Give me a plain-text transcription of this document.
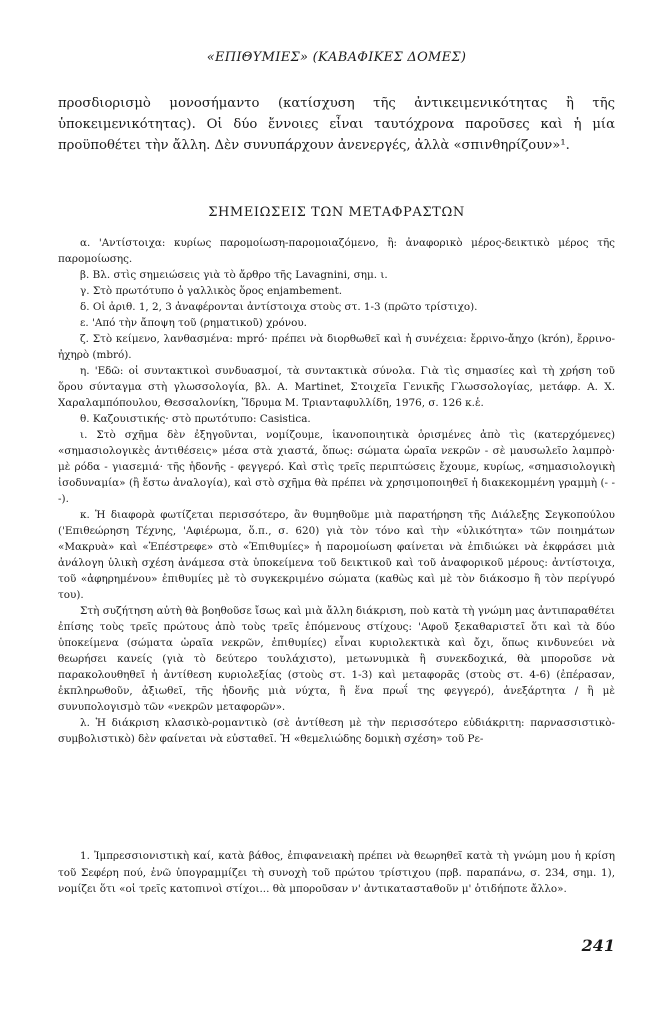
«ΕΠΙΘΥΜΙΕΣ» (ΚΑΒΑΦΙΚΕΣ ΔΟΜΕΣ)

προσδιορισμὸ μονοσήμαντο (κατίσχυση τῆς ἀντικειμενικότητας ἢ τῆς ὑποκειμενικότητας). Οἱ δύο ἔννοιες εἶναι ταυτόχρονα παροῦσες καὶ ἡ μία προϋποθέτει τὴν ἄλλη. Δὲν συνυπάρχουν ἀνενεργές, ἀλλὰ «σπινθηρίζουν»¹.

ΣΗΜΕΙΩΣΕΙΣ ΤΩΝ ΜΕΤΑΦΡΑΣΤΩΝ

α. 'Αντίστοιχα: κυρίως παρομοίωση-παρομοιαζόμενο, ἢ: ἀναφορικὸ μέρος-δεικτικὸ μέρος τῆς παρομοίωσης.

β. Βλ. στὶς σημειώσεις γιὰ τὸ ἄρθρο τῆς Lavagnini, σημ. ι.

γ. Στὸ πρωτότυπο ὁ γαλλικὸς ὅρος enjambement.

δ. Οἱ ἀριθ. 1, 2, 3 ἀναφέρονται ἀντίστοιχα στοὺς στ. 1-3 (πρῶτο τρίστιχο).

ε. 'Από τὴν ἄποψη τοῦ (ρηματικοῦ) χρόνου.

ζ. Στὸ κείμενο, λανθασμένα: mpró· πρέπει νὰ διορθωθεῖ καὶ ἡ συνέχεια: ἔρριvo-ἄηχο (krón), ἔρρινο-ἠχηρὸ (mbró).

η. 'Εδῶ: οἱ συντακτικοὶ συνδυασμοί, τὰ συντακτικὰ σύνολα. Γιὰ τὶς σημασίες καὶ τὴ χρήση τοῦ ὅρου σύνταγμα στὴ γλωσσολογία, βλ. Α. Martinet, Στοιχεῖα Γενικῆς Γλωσσολογίας, μετάφρ. Α. Χ. Χαραλαμπόπουλου, Θεσσαλονίκη, Ἵδρυμα Μ. Τριανταφυλλίδη, 1976, σ. 126 κ.ἑ.

θ. Καζουιστικής· στὸ πρωτότυπο: Casistica.

ι. Στὸ σχῆμα δὲν ἐξηγοῦνται, νομίζουμε, ἱκανοποιητικὰ ὁρισμένες ἀπὸ τὶς (κατερχόμενες) «σημασιολογικὲς ἀντιθέσεις» μέσα στὰ χιαστά, ὅπως: σώματα ὡραῖα νεκρῶν - σὲ μαυσωλεῖο λαμπρὸ· μὲ ρόδα - γιασεμιά· τῆς ἡδονῆς - φεγγερό. Καὶ στὶς τρεῖς περιπτώσεις ἔχουμε, κυρίως, «σημασιολογικὴ ἰσοδυναμία» (ἢ ἔστω ἀναλογία), καὶ στὸ σχῆμα θὰ πρέπει νὰ χρησιμοποιηθεῖ ἡ διακεκομμένη γραμμὴ (- - -).

κ. Ἡ διαφορὰ φωτίζεται περισσότερο, ἂν θυμηθοῦμε μιὰ παρατήρηση τῆς Διάλεξης Σεγκοπούλου ('Επιθεώρηση Τέχνης, 'Αφιέρωμα, ὅ.π., σ. 620) γιὰ τὸν τόνο καὶ τὴν «ὑλικότητα» τῶν ποιημάτων «Μακρυὰ» καὶ «Ἐπέστρεφε» στὸ «Ἐπιθυμίες» ἡ παρομοίωση φαίνεται νὰ ἐπιδιώκει νὰ ἐκφράσει μιὰ ἀνάλογη ὑλικὴ σχέση ἀνάμεσα στὰ ὑποκείμενα τοῦ δεικτικοῦ καὶ τοῦ ἀναφορικοῦ μέρους: ἀντίστοιχα, τοῦ «ἀφηρημένου» ἐπιθυμίες μὲ τὸ συγκεκριμένο σώματα (καθὼς καὶ μὲ τὸν διάκοσμο ἢ τὸν περίγυρό του).

Στὴ συζήτηση αὐτὴ θὰ βοηθοῦσε ἴσως καὶ μιὰ ἄλλη διάκριση, ποὺ κατὰ τὴ γνώμη μας ἀντιπαραθέτει ἐπίσης τοὺς τρεῖς πρώτους ἀπὸ τοὺς τρεῖς ἑπόμενους στίχους: 'Αφοῦ ξεκαθαριστεῖ ὅτι καὶ τὰ δύο ὑποκείμενα (σώματα ὡραῖα νεκρῶν, ἐπιθυμίες) εἶναι κυριολεκτικὰ καὶ ὄχι, ὅπως κινδυνεύει νὰ θεωρήσει κανείς (γιὰ τὸ δεύτερο τουλάχιστο), μετωνυμικὰ ἢ συνεκδοχικά, θὰ μποροῦσε νὰ παρακολουθηθεῖ ἡ ἀντίθεση κυριολεξίας (στοὺς στ. 1-3) καὶ μεταφορᾶς (στοὺς στ. 4-6) (ἐπέρασαν, ἐκπληρωθοῦν, ἀξιωθεῖ, τῆς ἡδονῆς μιὰ νύχτα, ἢ ἕνα πρωΐ της φεγγερό), ἀνεξάρτητα / ἢ μὲ συνυπολογισμὸ τῶν «νεκρῶν μεταφορῶν».

λ. Ἡ διάκριση κλασικὸ-ρομαντικὸ (σὲ ἀντίθεση μὲ τὴν περισσότερο εὐδιάκριτη: παρνασσιστικὸ-συμβολιστικὸ) δὲν φαίνεται νὰ εὐσταθεῖ. Ἡ «θεμελιώδης δομικὴ σχέση» τοῦ Ρε-

1. Ἰμπρεσσιονιστικὴ καί, κατὰ βάθος, ἐπιφανειακὴ πρέπει νὰ θεωρηθεῖ κατὰ τὴ γνώμη μου ἡ κρίση τοῦ Σεφέρη πού, ἐνῶ ὑπογραμμίζει τὴ συνοχὴ τοῦ πρώτου τρίστιχου (πρβ. παραπάνω, σ. 234, σημ. 1), νομίζει ὅτι «οἱ τρεῖς κατοπινοὶ στίχοι... θὰ μποροῦσαν ν' ἀντικατασταθοῦν μ' ὁτιδήποτε ἄλλο».

241
